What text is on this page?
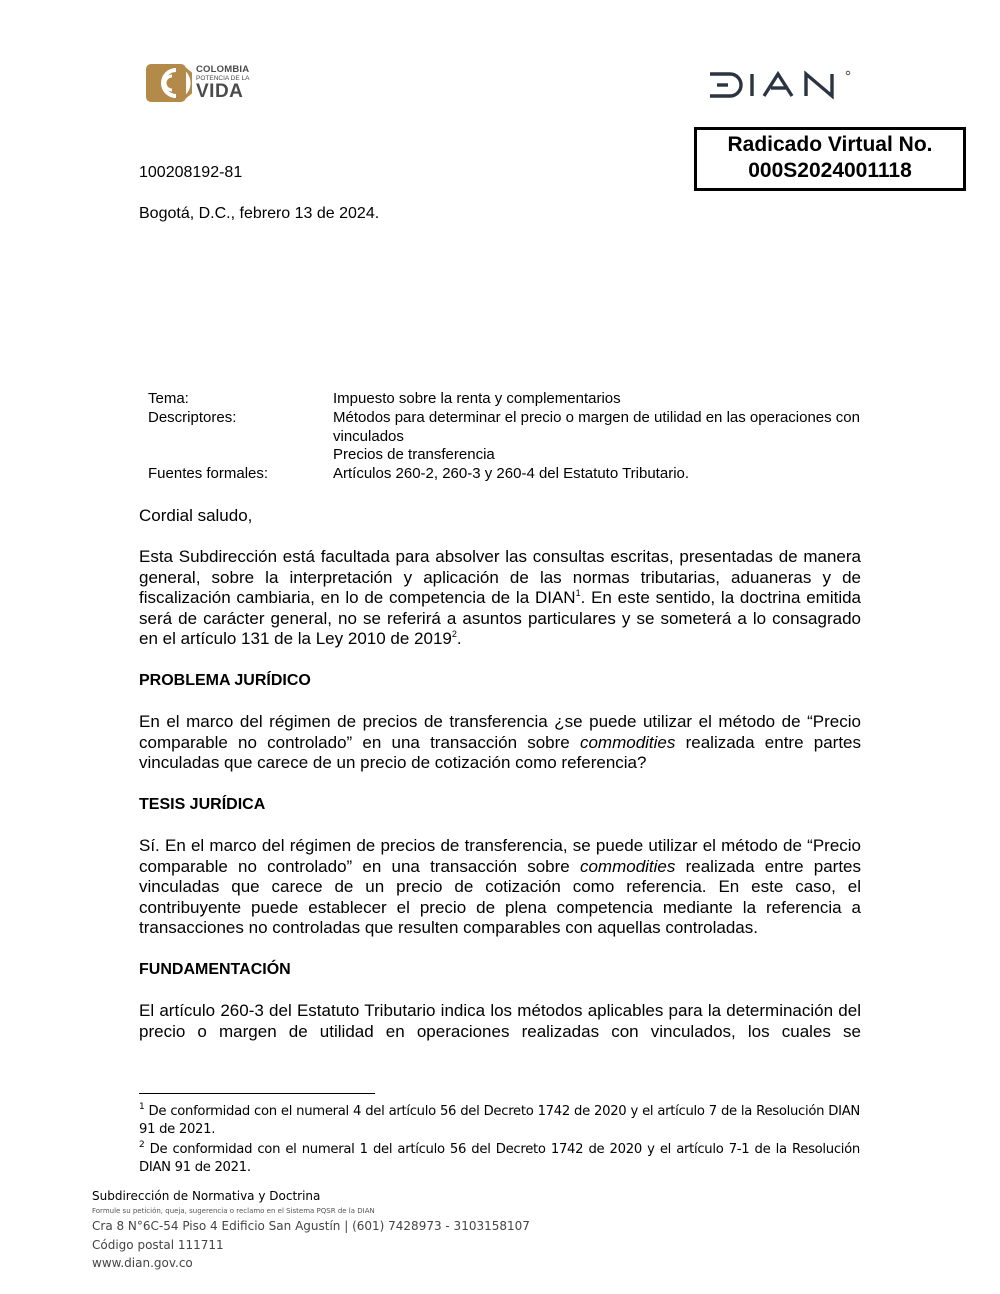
COLOMBIA
POTENCIA DE LA
VIDA
Radicado Virtual No.
000S2024001118
100208192-81
Bogotá, D.C., febrero 13 de 2024.
Tema:	Impuesto sobre la renta y complementarios
Descriptores:	Métodos para determinar el precio o margen de utilidad en las operaciones con vinculados
Precios de transferencia
Fuentes formales:	Artículos 260-2, 260-3 y 260-4 del Estatuto Tributario.
Cordial saludo,
Esta Subdirección está facultada para absolver las consultas escritas, presentadas de manera general, sobre la interpretación y aplicación de las normas tributarias, aduaneras y de fiscalización cambiaria, en lo de competencia de la DIAN$^1$. En este sentido, la doctrina emitida será de carácter general, no se referirá a asuntos particulares y se someterá a lo consagrado en el artículo 131 de la Ley 2010 de 2019$^2$.
PROBLEMA JURÍDICO
En el marco del régimen de precios de transferencia ¿se puede utilizar el método de “Precio comparable no controlado” en una transacción sobre commodities realizada entre partes vinculadas que carece de un precio de cotización como referencia?
TESIS JURÍDICA
Sí. En el marco del régimen de precios de transferencia, se puede utilizar el método de “Precio comparable no controlado” en una transacción sobre commodities realizada entre partes vinculadas que carece de un precio de cotización como referencia. En este caso, el contribuyente puede establecer el precio de plena competencia mediante la referencia a transacciones no controladas que resulten comparables con aquellas controladas.
FUNDAMENTACIÓN
El artículo 260-3 del Estatuto Tributario indica los métodos aplicables para la determinación del precio o margen de utilidad en operaciones realizadas con vinculados, los cuales se
$^1$ De conformidad con el numeral 4 del artículo 56 del Decreto 1742 de 2020 y el artículo 7 de la Resolución DIAN 91 de 2021.
$^2$ De conformidad con el numeral 1 del artículo 56 del Decreto 1742 de 2020 y el artículo 7-1 de la Resolución DIAN 91 de 2021.
Subdirección de Normativa y Doctrina
Formule su petición, queja, sugerencia o reclamo en el Sistema PQSR de la DIAN
Cra 8 N°6C-54 Piso 4 Edificio San Agustín | (601) 7428973 - 3103158107
Código postal 111711
www.dian.gov.co
